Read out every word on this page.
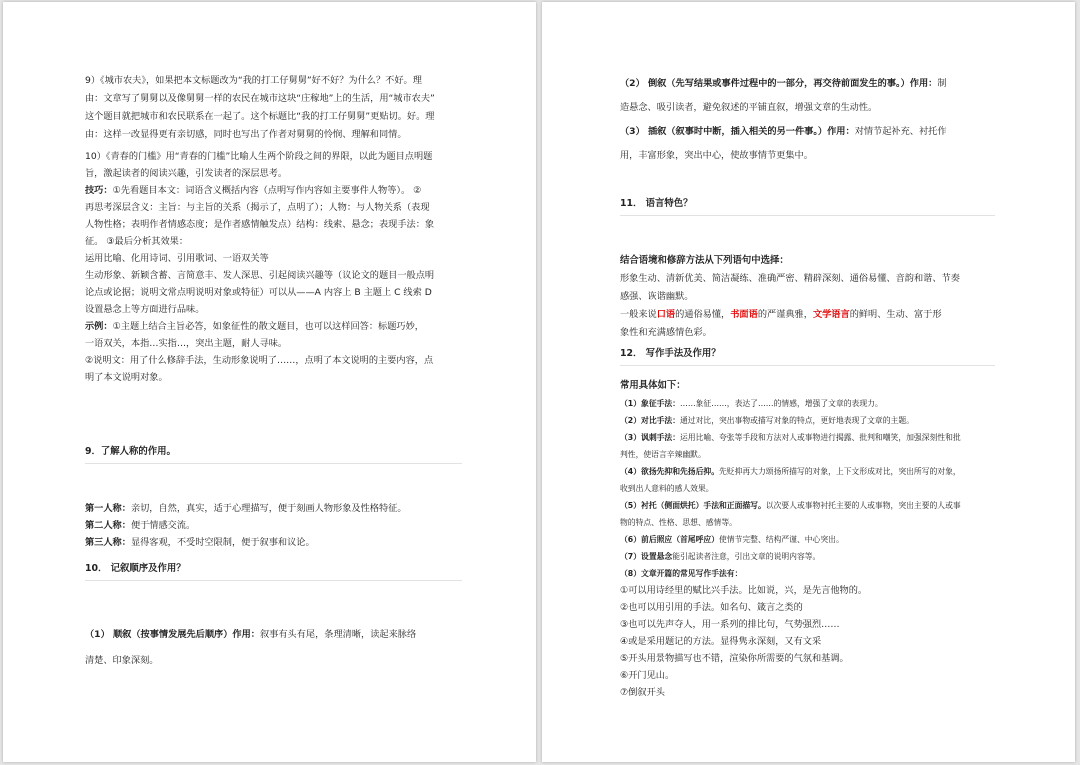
9）《城市农夫》，如果把本文标题改为“我的打工仔舅舅”好不好？为什么？不好。理

由：文章写了舅舅以及像舅舅一样的农民在城市这块“庄稼地”上的生活，用“城市农夫”

这个题目就把城市和农民联系在一起了。这个标题比“我的打工仔舅舅”更贴切。好。理

由：这样一改显得更有亲切感，同时也写出了作者对舅舅的怜悯、理解和同情。

10）《青春的门槛》用“青春的门槛”比喻人生两个阶段之间的界限，以此为题目点明题

旨，激起读者的阅读兴趣，引发读者的深层思考。

技巧：①先看题目本文：词语含义概括内容（点明写作内容如主要事件人物等）。 ②

再思考深层含义：主旨：与主旨的关系（揭示了，点明了）；人物：与人物关系（表现

人物性格；表明作者情感态度；是作者感情触发点）结构：线索、悬念；表现手法：象

征。 ③最后分析其效果：

运用比喻、化用诗词、引用歌词、一语双关等

生动形象、新颖含蓄、言简意丰、发人深思、引起阅读兴趣等（议论文的题目一般点明

论点或论据；说明文常点明说明对象或特征）可以从——A 内容上 B 主题上 C 线索 D

设置悬念上等方面进行品味。

示例：①主题上结合主旨必答，如象征性的散文题目，也可以这样回答：标题巧妙，

一语双关，本指…实指…，突出主题，耐人寻味。

②说明文：用了什么修辞手法，生动形象说明了……，点明了本文说明的主要内容，点

明了本文说明对象。

9．了解人称的作用。

第一人称：亲切，自然，真实，适于心理描写，便于刻画人物形象及性格特征。

第二人称：便于情感交流。

第三人称：显得客观，不受时空限制，便于叙事和议论。

10． 记叙顺序及作用？

（1） 顺叙（按事情发展先后顺序）作用：叙事有头有尾，条理清晰，读起来脉络

清楚、印象深刻。

（2） 倒叙（先写结果或事件过程中的一部分，再交待前面发生的事。）作用：制

造悬念、吸引读者，避免叙述的平铺直叙，增强文章的生动性。

（3） 插叙（叙事时中断，插入相关的另一件事。）作用：对情节起补充、衬托作

用，丰富形象，突出中心，使故事情节更集中。

11． 语言特色？

结合语境和修辞方法从下列语句中选择：

形象生动、清新优美、简洁凝练、准确严密、精辟深刻、通俗易懂、音韵和谐、节奏

感强、诙谐幽默。

一般来说口语的通俗易懂，书面语的严谨典雅，文学语言的鲜明、生动、富于形

象性和充满感情色彩。

12． 写作手法及作用？

常用具体如下：

（1）象征手法：……象征……，表达了……的情感，增强了文章的表现力。

（2）对比手法：通过对比，突出事物或描写对象的特点，更好地表现了文章的主题。

（3）讽刺手法：运用比喻、夸张等手段和方法对人或事物进行揭露、批判和嘲笑，加强深刻性和批

判性，使语言辛辣幽默。

（4）欲扬先抑和先扬后抑。先贬抑再大力颂扬所描写的对象，上下文形成对比，突出所写的对象，

收到出人意料的感人效果。

（5）衬托（侧面烘托）手法和正面描写。以次要人或事物衬托主要的人或事物，突出主要的人或事

物的特点、性格、思想、感情等。

（6）前后照应（首尾呼应）使情节完整、结构严谨、中心突出。

（7）设置悬念能引起读者注意，引出文章的说明内容等。

（8）文章开篇的常见写作手法有：

①可以用诗经里的赋比兴手法。比如说，兴，是先言他物的。

②也可以用引用的手法。如名句、箴言之类的

③也可以先声夺人，用一系列的排比句，气势强烈……

④或是采用题记的方法。显得隽永深刻，又有文采

⑤开头用景物描写也不错，渲染你所需要的气氛和基调。

⑥开门见山。

⑦倒叙开头
